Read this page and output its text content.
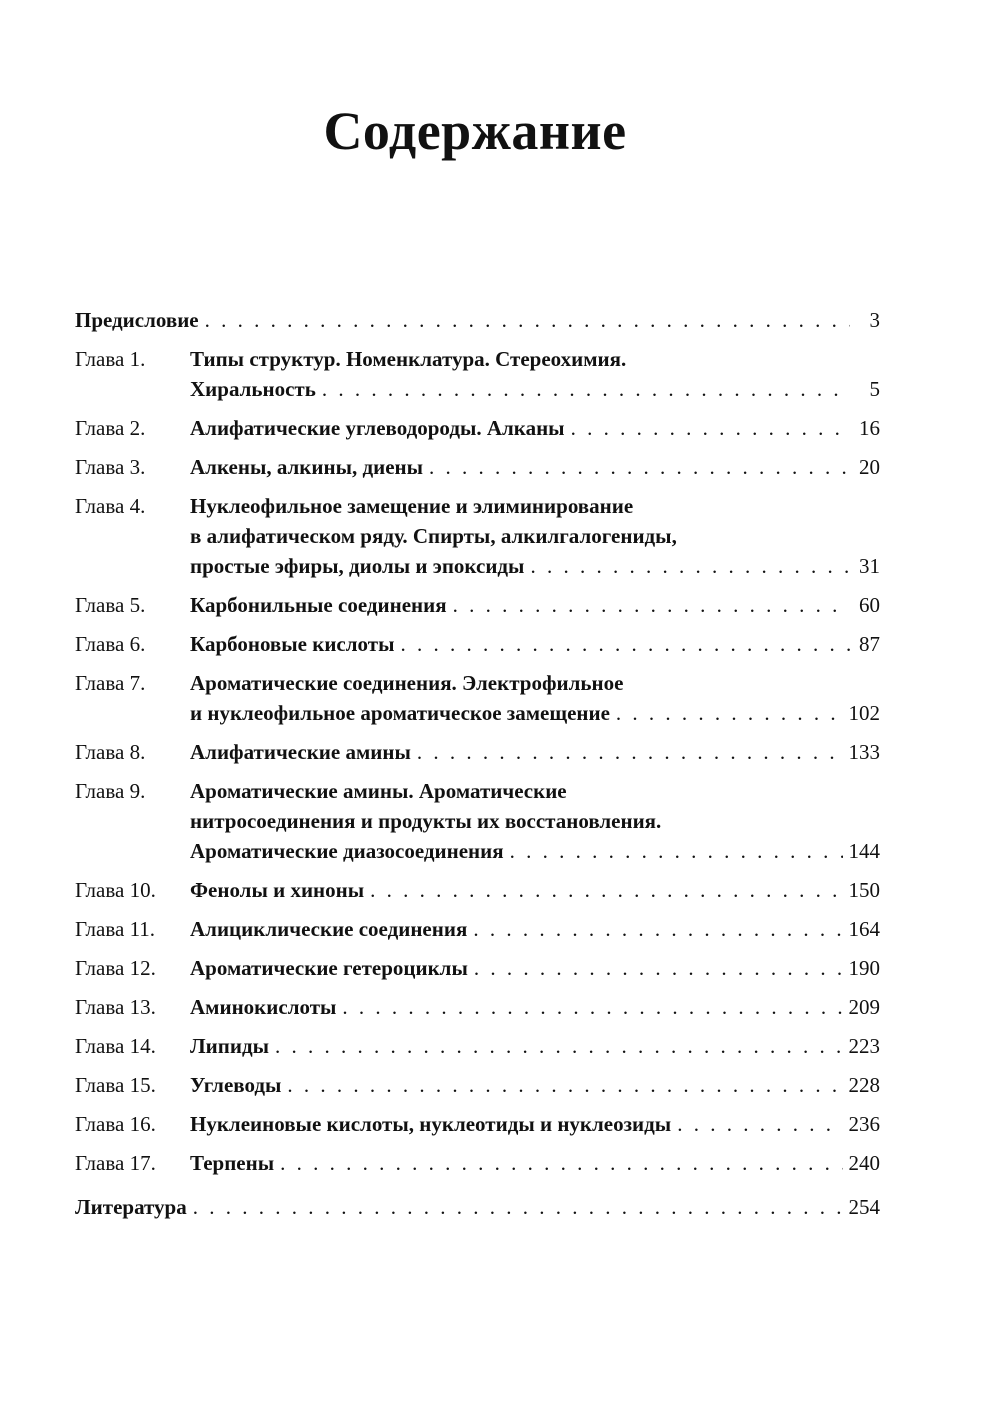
Содержание
Предисловие . . .	3
Глава 1.	Типы структур. Номенклатура. Стереохимия.
Хиральность . . .	5
Глава 2.	Алифатические углеводороды. Алканы . . .	16
Глава 3.	Алкены, алкины, диены . . .	20
Глава 4.	Нуклеофильное замещение и элиминирование
в алифатическом ряду. Спирты, алкилгалогениды,
простые эфиры, диолы и эпоксиды . . .	31
Глава 5.	Карбонильные соединения . . .	60
Глава 6.	Карбоновые кислоты . . .	87
Глава 7.	Ароматические соединения. Электрофильное
и нуклеофильное ароматическое замещение . . .	102
Глава 8.	Алифатические амины . . .	133
Глава 9.	Ароматические амины. Ароматические
нитросоединения и продукты их восстановления.
Ароматические диазосоединения . . .	144
Глава 10.	Фенолы и хиноны . . .	150
Глава 11.	Алициклические соединения . . .	164
Глава 12.	Ароматические гетероциклы . . .	190
Глава 13.	Аминокислоты . . .	209
Глава 14.	Липиды . . .	223
Глава 15.	Углеводы . . .	228
Глава 16.	Нуклеиновые кислоты, нуклеотиды и нуклеозиды . . .	236
Глава 17.	Терпены . . .	240
Литература . . .	254
